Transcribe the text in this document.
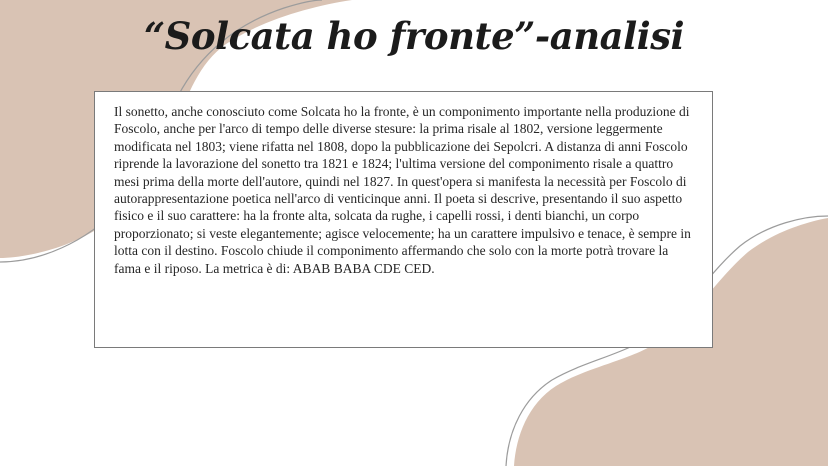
“Solcata ho fronte”-analisi

Il sonetto, anche conosciuto come Solcata ho la fronte, è un componimento importante nella produzione di Foscolo, anche per l'arco di tempo delle diverse stesure: la prima risale al 1802, versione leggermente modificata nel 1803; viene rifatta nel 1808, dopo la pubblicazione dei Sepolcri. A distanza di anni Foscolo riprende la lavorazione del sonetto tra 1821 e 1824; l'ultima versione del componimento risale a quattro mesi prima della morte dell'autore, quindi nel 1827. In quest'opera si manifesta la necessità per Foscolo di autorappresentazione poetica nell'arco di venticinque anni. Il poeta si descrive, presentando il suo aspetto fisico e il suo carattere: ha la fronte alta, solcata da rughe, i capelli rossi, i denti bianchi, un corpo proporzionato; si veste elegantemente; agisce velocemente; ha un carattere impulsivo e tenace, è sempre in lotta con il destino. Foscolo chiude il componimento affermando che solo con la morte potrà trovare la fama e il riposo. La metrica è di: ABAB BABA CDE CED.
